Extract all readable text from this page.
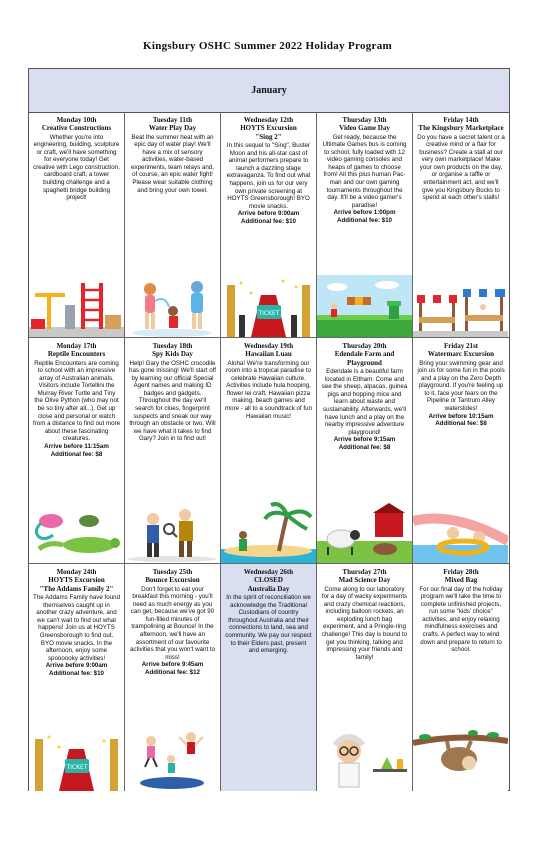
Kingsbury OSHC Summer 2022 Holiday Program
January
Monday 10th
Creative Constructions
Whether you're into engineering, building, sculpture or craft, we'll have something for everyone today! Get creative with Lego construction, cardboard craft, a tower building challenge and a spaghetti bridge building project!
Tuesday 11th
Water Play Day
Beat the summer heat with an epic day of water play! We'll have a mix of sensory activities, water-based experiments, team relays and, of course, an epic water fight!
Please wear suitable clothing and bring your own towel.
Wednesday 12th
HOYTS Excursion
"Sing 2"
In this sequel to "Sing", Buster Moon and his all-star cast of animal performers prepare to launch a dazzling stage extravaganza. To find out what happens, join us for our very own private screening at HOYTS Greensborough! BYO movie snacks.
Arrive before 9:00am
Additional fee: $10
TICKET
Thursday 13th
Video Game Day
Get ready, because the Ultimate Games bus is coming to school, fully loaded with 12 video gaming consoles and heaps of games to choose from! All this plus human Pac-man and our own gaming tournaments throughout the day. It'll be a video gamer's paradise!
Arrive before 1:00pm
Additional fee: $10
Friday 14th
The Kingsbury Marketplace
Do you have a secret talent or a creative mind or a flair for business? Create a stall at our very own marketplace! Make your own products on the day, or organise a raffle or entertainment act, and we'll give you Kingsbury Bucks to spend at each other's stalls!
Monday 17th
Reptile Encounters
Reptile Encounters are coming to school with an impressive array of Australian animals. Visitors include Tortellini the Murray River Turtle and Tiny the Olive Python (who may not be so tiny after all...). Get up close and personal or watch from a distance to find out more about these fascinating creatures.
Arrive before 11:15am
Additional fee: $8
Tuesday 18th
Spy Kids Day
Help! Gary the OSHC crocodile has gone missing! We'll start off by learning our official Special Agent names and making ID badges and gadgets. Throughout the day we'll search for clues, fingerprint suspects and sneak our way through an obstacle or two. Will we have what it takes to find Gary? Join in to find out!
Wednesday 19th
Hawaiian Luau
Aloha! We're transforming our room into a tropical paradise to celebrate Hawaiian culture. Activities include hula hooping, flower lei craft, Hawaiian pizza making, beach games and more - all to a soundtrack of fun Hawaiian music!
Thursday 20th
Edendale Farm and Playground
Edendale is a beautiful farm located in Eltham. Come and see the sheep, alpacas, guinea pigs and hopping mice and learn about waste and sustainability. Afterwards, we'll have lunch and a play on the nearby impressive adventure playground!
Arrive before 9:15am
Additional fee: $8
Friday 21st
Watermarc Excursion
Bring your swimming gear and join us for some fun in the pools and a play on the Zero Depth playground. If you're feeling up to it, face your fears on the Pipeline or Tantrum Alley waterslides!
Arrive before 10:15am
Additional fee: $8
Monday 24th
HOYTS Excursion
"The Addams Family 2"
The Addams Family have found themselves caught up in another crazy adventure, and we can't wait to find out what happens! Join us at HOYTS Greensborough to find out. BYO movie snacks. In the afternoon, enjoy some spoooooky activities!
Arrive before 9:00am
Additional fee: $10
TICKET
Tuesday 25th
Bounce Excursion
Don't forget to eat your breakfast this morning - you'll need as much energy as you can get, because we've got 90 fun-filled minutes of trampolining at Bounce! In the afternoon, we'll have an assortment of our favourite activities that you won't want to miss!
Arrive before 9:45am
Additional fee: $12
Wednesday 26th
CLOSED
Australia Day
In the spirit of reconciliation we acknowledge the Traditional Custodians of country throughout Australia and their connections to land, sea and community. We pay our respect to their Elders past, present and emerging.
Thursday 27th
Mad Science Day
Come along to our laboratory for a day of wacky experiments and crazy chemical reactions, including balloon rockets, an exploding lunch bag experiment, and a Pringle-ring challenge! This day is bound to get you thinking, talking and impressing your friends and family!
Friday 28th
Mixed Bag
For our final day of the holiday program we'll take the time to complete unfinished projects, run some "kids' choice" activities, and enjoy relaxing mindfulness exercises and crafts. A perfect way to wind down and prepare to return to school.
